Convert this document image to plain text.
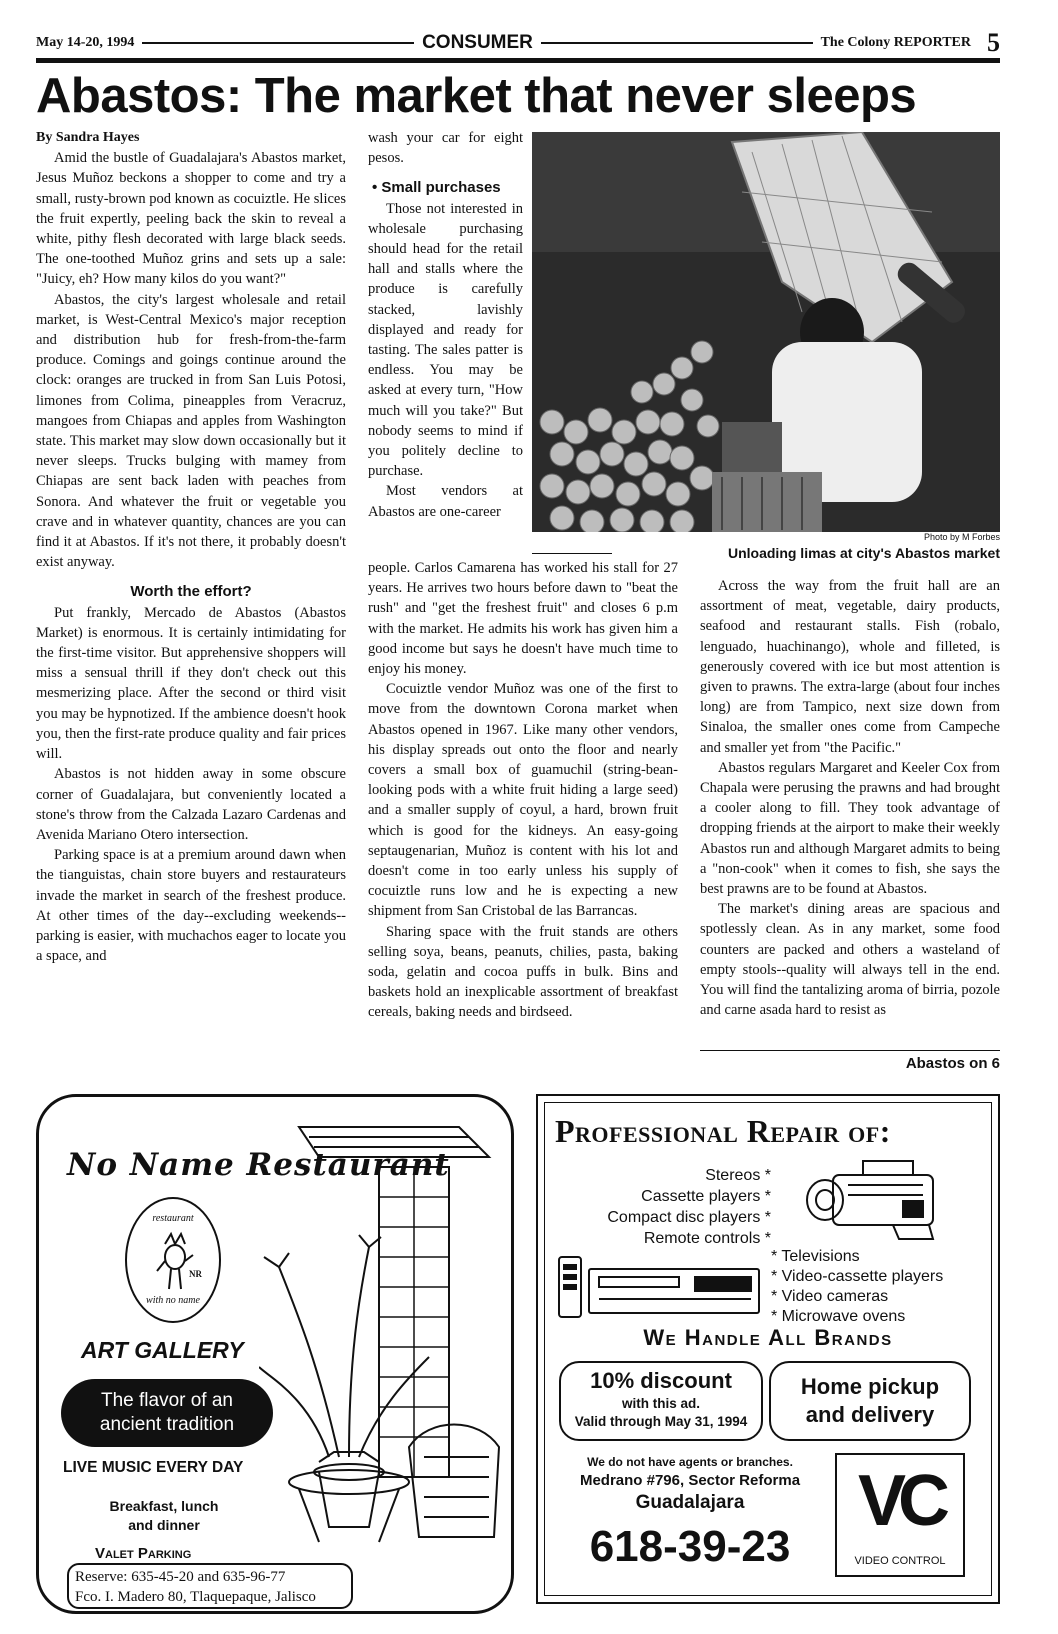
May 14-20, 1994	CONSUMER	The Colony REPORTER 5
Abastos: The market that never sleeps

By Sandra Hayes

Amid the bustle of Guadalajara's Abastos market, Jesus Muñoz beckons a shopper to come and try a small, rusty-brown pod known as cocuiztle. He slices the fruit expertly, peeling back the skin to reveal a white, pithy flesh decorated with large black seeds. The one-toothed Muñoz grins and sets up a sale: "Juicy, eh? How many kilos do you want?"

Abastos, the city's largest wholesale and retail market, is West-Central Mexico's major reception and distribution hub for fresh-from-the-farm produce. Comings and goings continue around the clock: oranges are trucked in from San Luis Potosi, limones from Colima, pineapples from Veracruz, mangoes from Chiapas and apples from Washington state. This market may slow down occasionally but it never sleeps. Trucks bulging with mamey from Chiapas are sent back laden with peaches from Sonora. And whatever the fruit or vegetable you crave and in whatever quantity, chances are you can find it at Abastos. If it's not there, it probably doesn't exist anyway.

Worth the effort?

Put frankly, Mercado de Abastos (Abastos Market) is enormous. It is certainly intimidating for the first-time visitor. But apprehensive shoppers will miss a sensual thrill if they don't check out this mesmerizing place. After the second or third visit you may be hypnotized. If the ambience doesn't hook you, then the first-rate produce quality and fair prices will.

Abastos is not hidden away in some obscure corner of Guadalajara, but conveniently located a stone's throw from the Calzada Lazaro Cardenas and Avenida Mariano Otero intersection.

Parking space is at a premium around dawn when the tianguistas, chain store buyers and restaurateurs invade the market in search of the freshest produce. At other times of the day--excluding weekends--parking is easier, with muchachos eager to locate you a space, and

wash your car for eight pesos.

• Small purchases

Those not interested in wholesale purchasing should head for the retail hall and stalls where the produce is carefully stacked, lavishly displayed and ready for tasting. The sales patter is endless. You may be asked at every turn, "How much will you take?" But nobody seems to mind if you politely decline to purchase.

Most vendors at Abastos are one-career

Photo by M Forbes
Unloading limas at city's Abastos market

people. Carlos Camarena has worked his stall for 27 years. He arrives two hours before dawn to "beat the rush" and "get the freshest fruit" and closes 6 p.m with the market. He admits his work has given him a good income but says he doesn't have much time to enjoy his money.

Cocuiztle vendor Muñoz was one of the first to move from the downtown Corona market when Abastos opened in 1967. Like many other vendors, his display spreads out onto the floor and nearly covers a small box of guamuchil (string-bean-looking pods with a white fruit hiding a large seed) and a smaller supply of coyul, a hard, brown fruit which is good for the kidneys. An easy-going septaugenarian, Muñoz is content with his lot and doesn't come in too early unless his supply of cocuiztle runs low and he is expecting a new shipment from San Cristobal de las Barrancas.

Sharing space with the fruit stands are others selling soya, beans, peanuts, chilies, pasta, baking soda, gelatin and cocoa puffs in bulk. Bins and baskets hold an inexplicable assortment of breakfast cereals, baking needs and birdseed.

Across the way from the fruit hall are an assortment of meat, vegetable, dairy products, seafood and restaurant stalls. Fish (robalo, lenguado, huachinango), whole and filleted, is generously covered with ice but most attention is given to prawns. The extra-large (about four inches long) are from Tampico, next size down from Sinaloa, the smaller ones come from Campeche and smaller yet from "the Pacific."

Abastos regulars Margaret and Keeler Cox from Chapala were perusing the prawns and had brought a cooler along to fill. They took advantage of dropping friends at the airport to make their weekly Abastos run and although Margaret admits to being a "non-cook" when it comes to fish, she says the best prawns are to be found at Abastos.

The market's dining areas are spacious and spotlessly clean. As in any market, some food counters are packed and others a wasteland of empty stools--quality will always tell in the end. You will find the tantalizing aroma of birria, pozole and carne asada hard to resist as

Abastos on 6
No Name Restaurant
restaurant
NR
with no name
ART GALLERY
The flavor of an
ancient tradition
LIVE MUSIC EVERY DAY
Breakfast, lunch
and dinner
Valet Parking
Reserve: 635-45-20 and 635-96-77
Fco. I. Madero 80, Tlaquepaque, Jalisco
Professional Repair of:
Stereos *
Cassette players *
Compact disc players *
Remote controls *
* Televisions
* Video-cassette players
* Video cameras
* Microwave ovens
We Handle All Brands
10% discount
with this ad.
Valid through May 31, 1994
Home pickup
and delivery
We do not have agents or branches.
Medrano #796, Sector Reforma
Guadalajara
618-39-23
VC
VIDEO CONTROL
